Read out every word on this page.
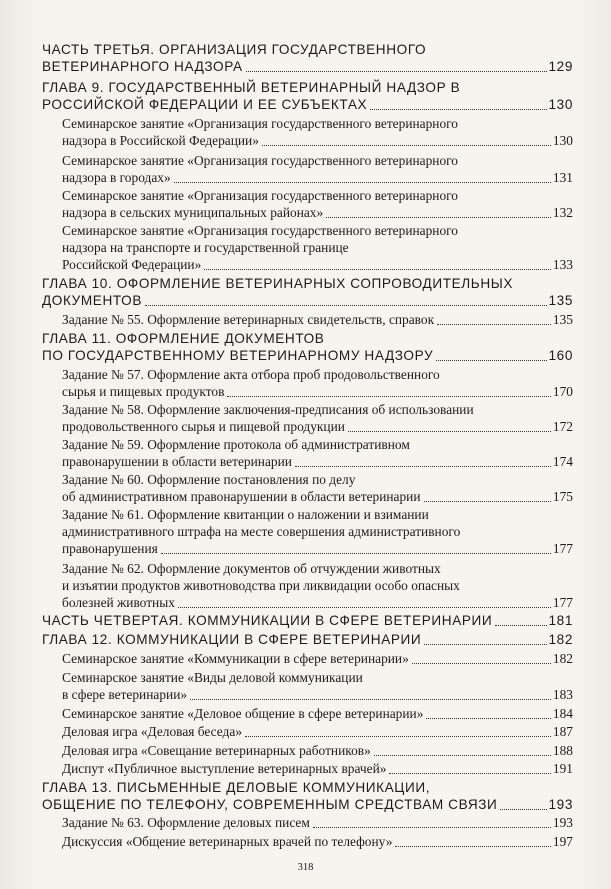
ЧАСТЬ ТРЕТЬЯ. ОРГАНИЗАЦИЯ ГОСУДАРСТВЕННОГО
ВЕТЕРИНАРНОГО НАДЗОРА	129
ГЛАВА 9. ГОСУДАРСТВЕННЫЙ ВЕТЕРИНАРНЫЙ НАДЗОР В
РОССИЙСКОЙ ФЕДЕРАЦИИ И ЕЕ СУБЪЕКТАХ	130
Семинарское занятие «Организация государственного ветеринарного
надзора в Российской Федерации»	130
Семинарское занятие «Организация государственного ветеринарного
надзора в городах»	131
Семинарское занятие «Организация государственного ветеринарного
надзора в сельских муниципальных районах»	132
Семинарское занятие «Организация государственного ветеринарного
надзора на транспорте и государственной границе
Российской Федерации»	133
ГЛАВА 10. ОФОРМЛЕНИЕ ВЕТЕРИНАРНЫХ СОПРОВОДИТЕЛЬНЫХ
ДОКУМЕНТОВ	135
Задание № 55. Оформление ветеринарных свидетельств, справок	135
ГЛАВА 11. ОФОРМЛЕНИЕ ДОКУМЕНТОВ
ПО ГОСУДАРСТВЕННОМУ ВЕТЕРИНАРНОМУ НАДЗОРУ	160
Задание № 57. Оформление акта отбора проб продовольственного
сырья и пищевых продуктов	170
Задание № 58. Оформление заключения-предписания об использовании
продовольственного сырья и пищевой продукции	172
Задание № 59. Оформление протокола об административном
правонарушении в области ветеринарии	174
Задание № 60. Оформление постановления по делу
об административном правонарушении в области ветеринарии	175
Задание № 61. Оформление квитанции о наложении и взимании
административного штрафа на месте совершения административного
правонарушения	177
Задание № 62. Оформление документов об отчуждении животных
и изъятии продуктов животноводства при ликвидации особо опасных
болезней животных	177
ЧАСТЬ ЧЕТВЕРТАЯ. КОММУНИКАЦИИ В СФЕРЕ ВЕТЕРИНАРИИ	181
ГЛАВА 12. КОММУНИКАЦИИ В СФЕРЕ ВЕТЕРИНАРИИ	182
Семинарское занятие «Коммуникации в сфере ветеринарии»	182
Семинарское занятие «Виды деловой коммуникации
в сфере ветеринарии»	183
Семинарское занятие «Деловое общение в сфере ветеринарии»	184
Деловая игра «Деловая беседа»	187
Деловая игра «Совещание ветеринарных работников»	188
Диспут «Публичное выступление ветеринарных врачей»	191
ГЛАВА 13. ПИСЬМЕННЫЕ ДЕЛОВЫЕ КОММУНИКАЦИИ,
ОБЩЕНИЕ ПО ТЕЛЕФОНУ, СОВРЕМЕННЫМ СРЕДСТВАМ СВЯЗИ	193
Задание № 63. Оформление деловых писем	193
Дискуссия «Общение ветеринарных врачей по телефону»	197
318
